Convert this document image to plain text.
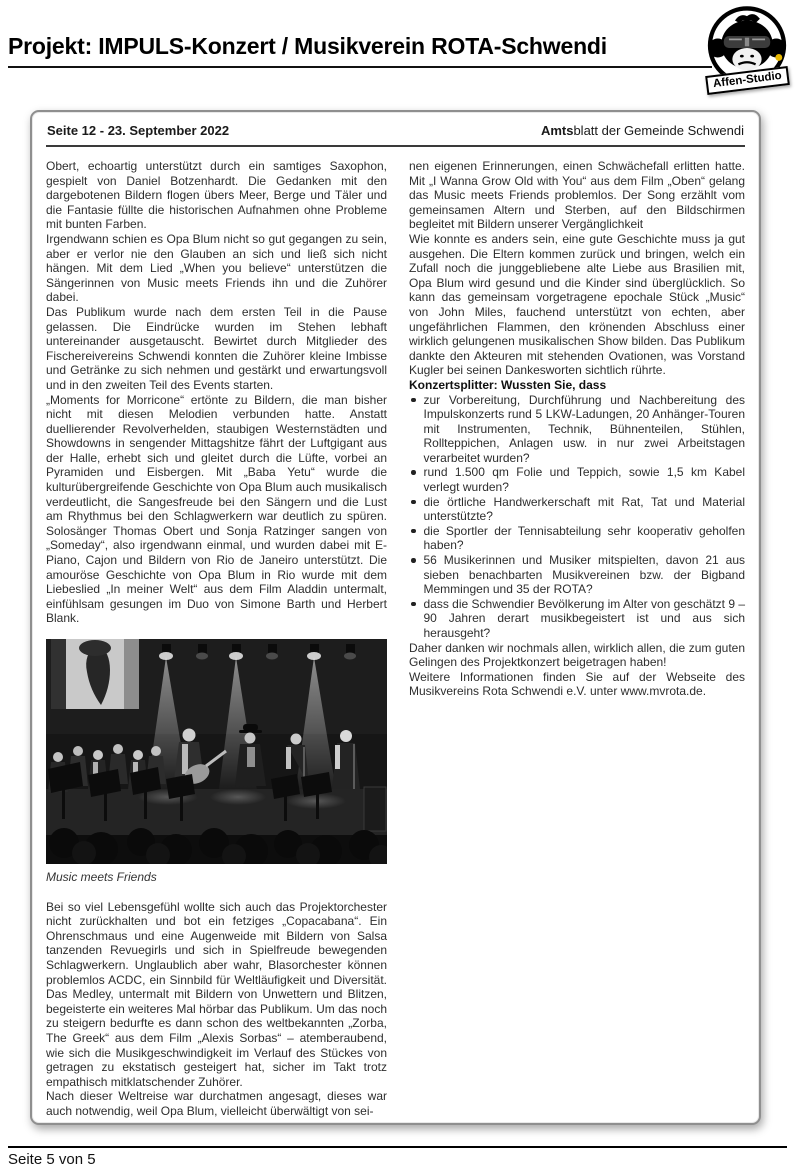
Projekt: IMPULS-Konzert / Musikverein ROTA-Schwendi
Affen-Studio
Seite 12 - 23. September 2022	Amtsblatt der Gemeinde Schwendi

Obert, echoartig unterstützt durch ein samtiges Saxophon, gespielt von Daniel Botzenhardt. Die Gedanken mit den dargebotenen Bildern flogen übers Meer, Berge und Täler und die Fantasie füllte die historischen Aufnahmen ohne Probleme mit bunten Farben.

Irgendwann schien es Opa Blum nicht so gut gegangen zu sein, aber er verlor nie den Glauben an sich und ließ sich nicht hängen. Mit dem Lied „When you believe“ unterstützen die Sängerinnen von Music meets Friends ihn und die Zuhörer dabei.

Das Publikum wurde nach dem ersten Teil in die Pause gelassen. Die Eindrücke wurden im Stehen lebhaft untereinander ausgetauscht. Bewirtet durch Mitglieder des Fischereivereins Schwendi konnten die Zuhörer kleine Imbisse und Getränke zu sich nehmen und gestärkt und erwartungsvoll und in den zweiten Teil des Events starten.

„Moments for Morricone“ ertönte zu Bildern, die man bisher nicht mit diesen Melodien verbunden hatte. Anstatt duellierender Revolverhelden, staubigen Westernstädten und Showdowns in sengender Mittagshitze fährt der Luftgigant aus der Halle, erhebt sich und gleitet durch die Lüfte, vorbei an Pyramiden und Eisbergen. Mit „Baba Yetu“ wurde die kulturübergreifende Geschichte von Opa Blum auch musikalisch verdeutlicht, die Sangesfreude bei den Sängern und die Lust am Rhythmus bei den Schlagwerkern war deutlich zu spüren. Solosänger Thomas Obert und Sonja Ratzinger sangen von „Someday“, also irgendwann einmal, und wurden dabei mit E-Piano, Cajon und Bildern von Rio de Janeiro unterstützt. Die amouröse Geschichte von Opa Blum in Rio wurde mit dem Liebeslied „In meiner Welt“ aus dem Film Aladdin untermalt, einfühlsam gesungen im Duo von Simone Barth und Herbert Blank.

Music meets Friends

Bei so viel Lebensgefühl wollte sich auch das Projektorchester nicht zurückhalten und bot ein fetziges „Copacabana“. Ein Ohrenschmaus und eine Augenweide mit Bildern von Salsa tanzenden Revuegirls und sich in Spielfreude bewegenden Schlagwerkern. Unglaublich aber wahr, Blasorchester können problemlos ACDC, ein Sinnbild für Weltläufigkeit und Diversität. Das Medley, untermalt mit Bildern von Unwettern und Blitzen, begeisterte ein weiteres Mal hörbar das Publikum. Um das noch zu steigern bedurfte es dann schon des weltbekannten „Zorba, The Greek“ aus dem Film „Alexis Sorbas“ – atemberaubend, wie sich die Musikgeschwindigkeit im Verlauf des Stückes von getragen zu ekstatisch gesteigert hat, sicher im Takt trotz empathisch mitklatschender Zuhörer.

Nach dieser Weltreise war durchatmen angesagt, dieses war auch notwendig, weil Opa Blum, vielleicht überwältigt von sei-

nen eigenen Erinnerungen, einen Schwächefall erlitten hatte. Mit „I Wanna Grow Old with You“ aus dem Film „Oben“ gelang das Music meets Friends problemlos. Der Song erzählt vom gemeinsamen Altern und Sterben, auf den Bildschirmen begleitet mit Bildern unserer Vergänglichkeit

Wie konnte es anders sein, eine gute Geschichte muss ja gut ausgehen. Die Eltern kommen zurück und bringen, welch ein Zufall noch die junggebliebene alte Liebe aus Brasilien mit, Opa Blum wird gesund und die Kinder sind überglücklich. So kann das gemeinsam vorgetragene epochale Stück „Music“ von John Miles, fauchend unterstützt von echten, aber ungefährlichen Flammen, den krönenden Abschluss einer wirklich gelungenen musikalischen Show bilden. Das Publikum dankte den Akteuren mit stehenden Ovationen, was Vorstand Kugler bei seinen Dankesworten sichtlich rührte.

Konzertsplitter: Wussten Sie, dass

zur Vorbereitung, Durchführung und Nachbereitung des Impulskonzerts rund 5 LKW-Ladungen, 20 Anhänger-Touren mit Instrumenten, Technik, Bühnenteilen, Stühlen, Rollteppichen, Anlagen usw. in nur zwei Arbeitstagen verarbeitet wurden?
rund 1.500 qm Folie und Teppich, sowie 1,5 km Kabel verlegt wurden?
die örtliche Handwerkerschaft mit Rat, Tat und Material unterstützte?
die Sportler der Tennisabteilung sehr kooperativ geholfen haben?
56 Musikerinnen und Musiker mitspielten, davon 21 aus sieben benachbarten Musikvereinen bzw. der Bigband Memmingen und 35 der ROTA?
dass die Schwendier Bevölkerung im Alter von geschätzt 9 – 90 Jahren derart musikbegeistert ist und aus sich herausgeht?

Daher danken wir nochmals allen, wirklich allen, die zum guten Gelingen des Projektkonzert beigetragen haben!

Weitere Informationen finden Sie auf der Webseite des Musikvereins Rota Schwendi e.V. unter www.mvrota.de.

Seite 5 von 5
